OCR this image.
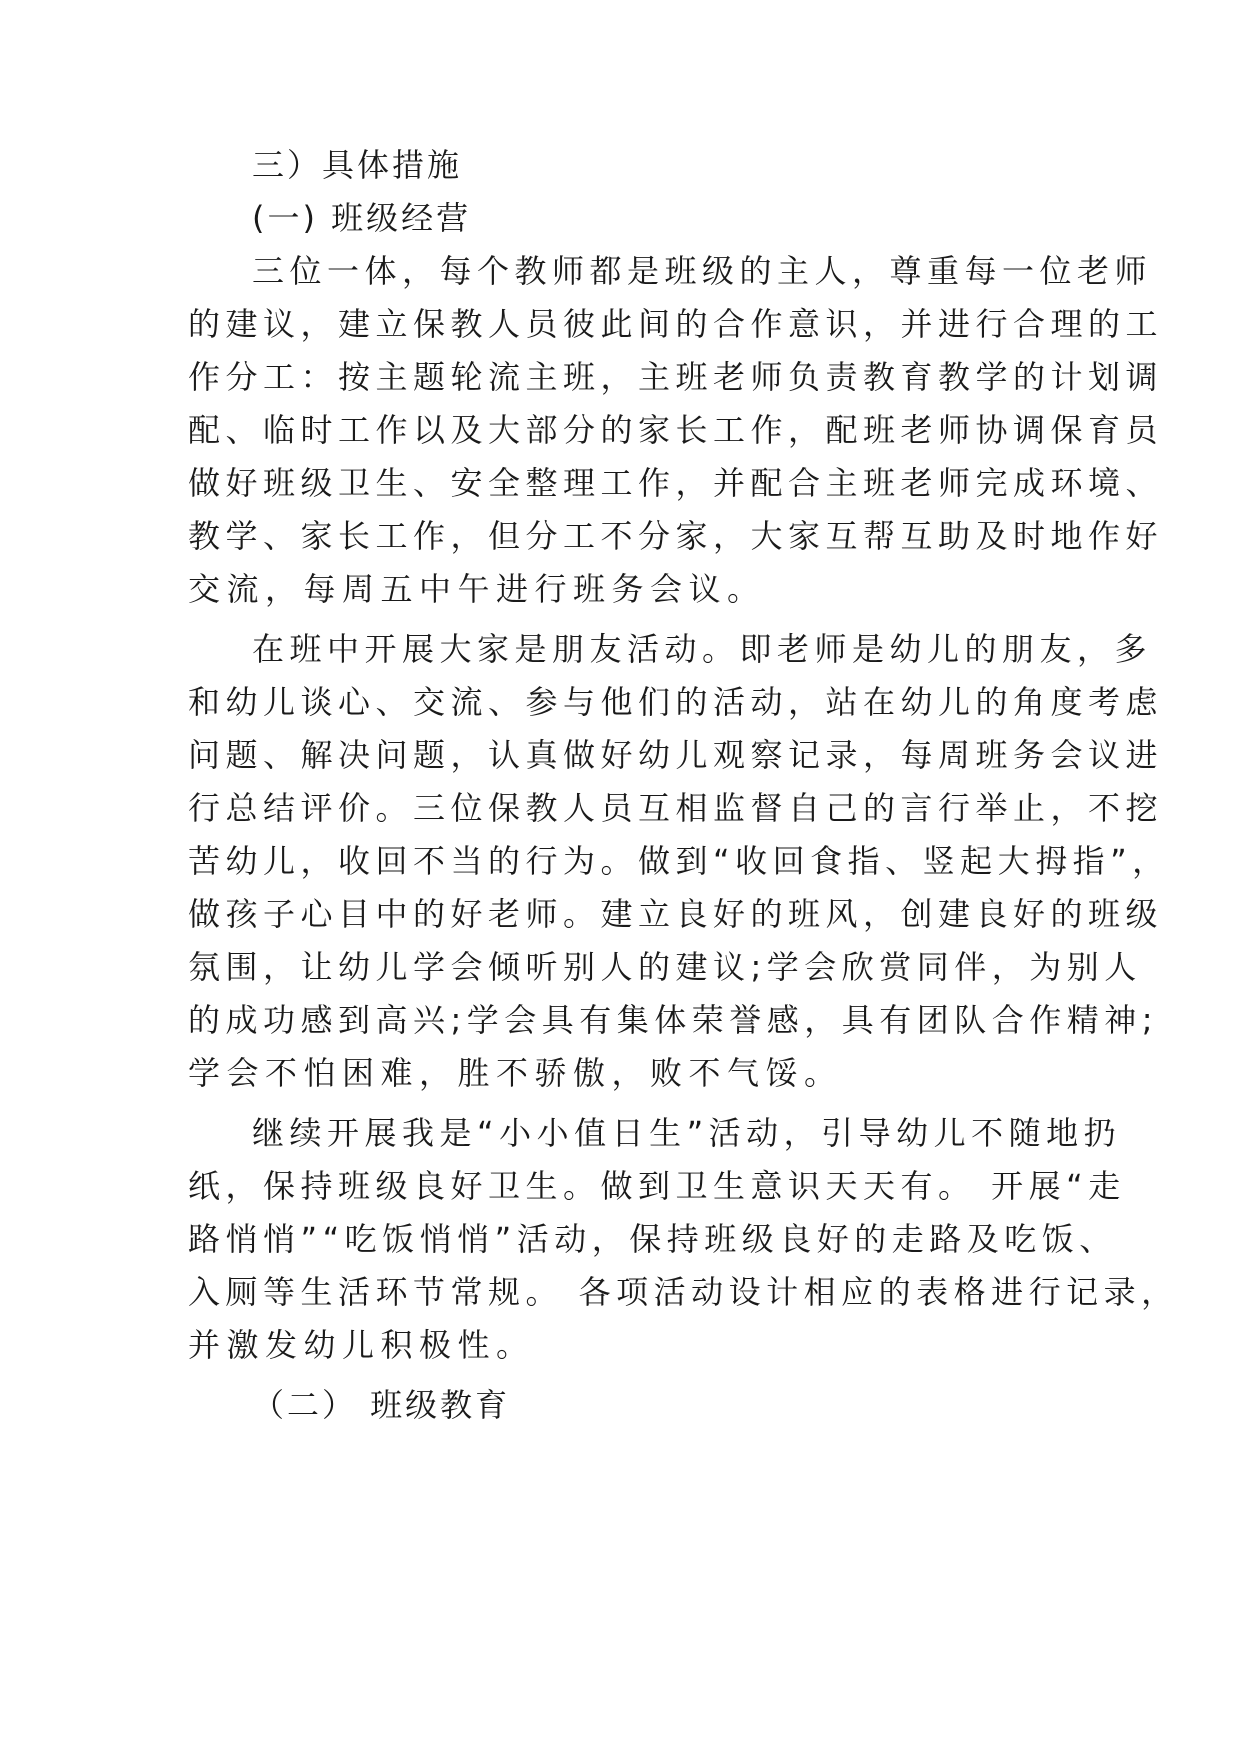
三）具体措施
(一) 班级经营
三位一体，每个教师都是班级的主人，尊重每一位老师
的建议，建立保教人员彼此间的合作意识，并进行合理的工
作分工：按主题轮流主班，主班老师负责教育教学的计划调
配、临时工作以及大部分的家长工作，配班老师协调保育员
做好班级卫生、安全整理工作，并配合主班老师完成环境、
教学、家长工作，但分工不分家，大家互帮互助及时地作好
交流，每周五中午进行班务会议。
在班中开展大家是朋友活动。即老师是幼儿的朋友，多
和幼儿谈心、交流、参与他们的活动，站在幼儿的角度考虑
问题、解决问题，认真做好幼儿观察记录，每周班务会议进
行总结评价。三位保教人员互相监督自己的言行举止，不挖
苦幼儿，收回不当的行为。做到“收回食指、竖起大拇指”，
做孩子心目中的好老师。建立良好的班风，创建良好的班级
氛围，让幼儿学会倾听别人的建议;学会欣赏同伴，为别人
的成功感到高兴;学会具有集体荣誉感，具有团队合作精神;
学会不怕困难，胜不骄傲，败不气馁。
继续开展我是“小小值日生”活动，引导幼儿不随地扔
纸，保持班级良好卫生。做到卫生意识天天有。 开展“走
路悄悄”“吃饭悄悄”活动，保持班级良好的走路及吃饭、
入厕等生活环节常规。 各项活动设计相应的表格进行记录，
并激发幼儿积极性。
（二） 班级教育
